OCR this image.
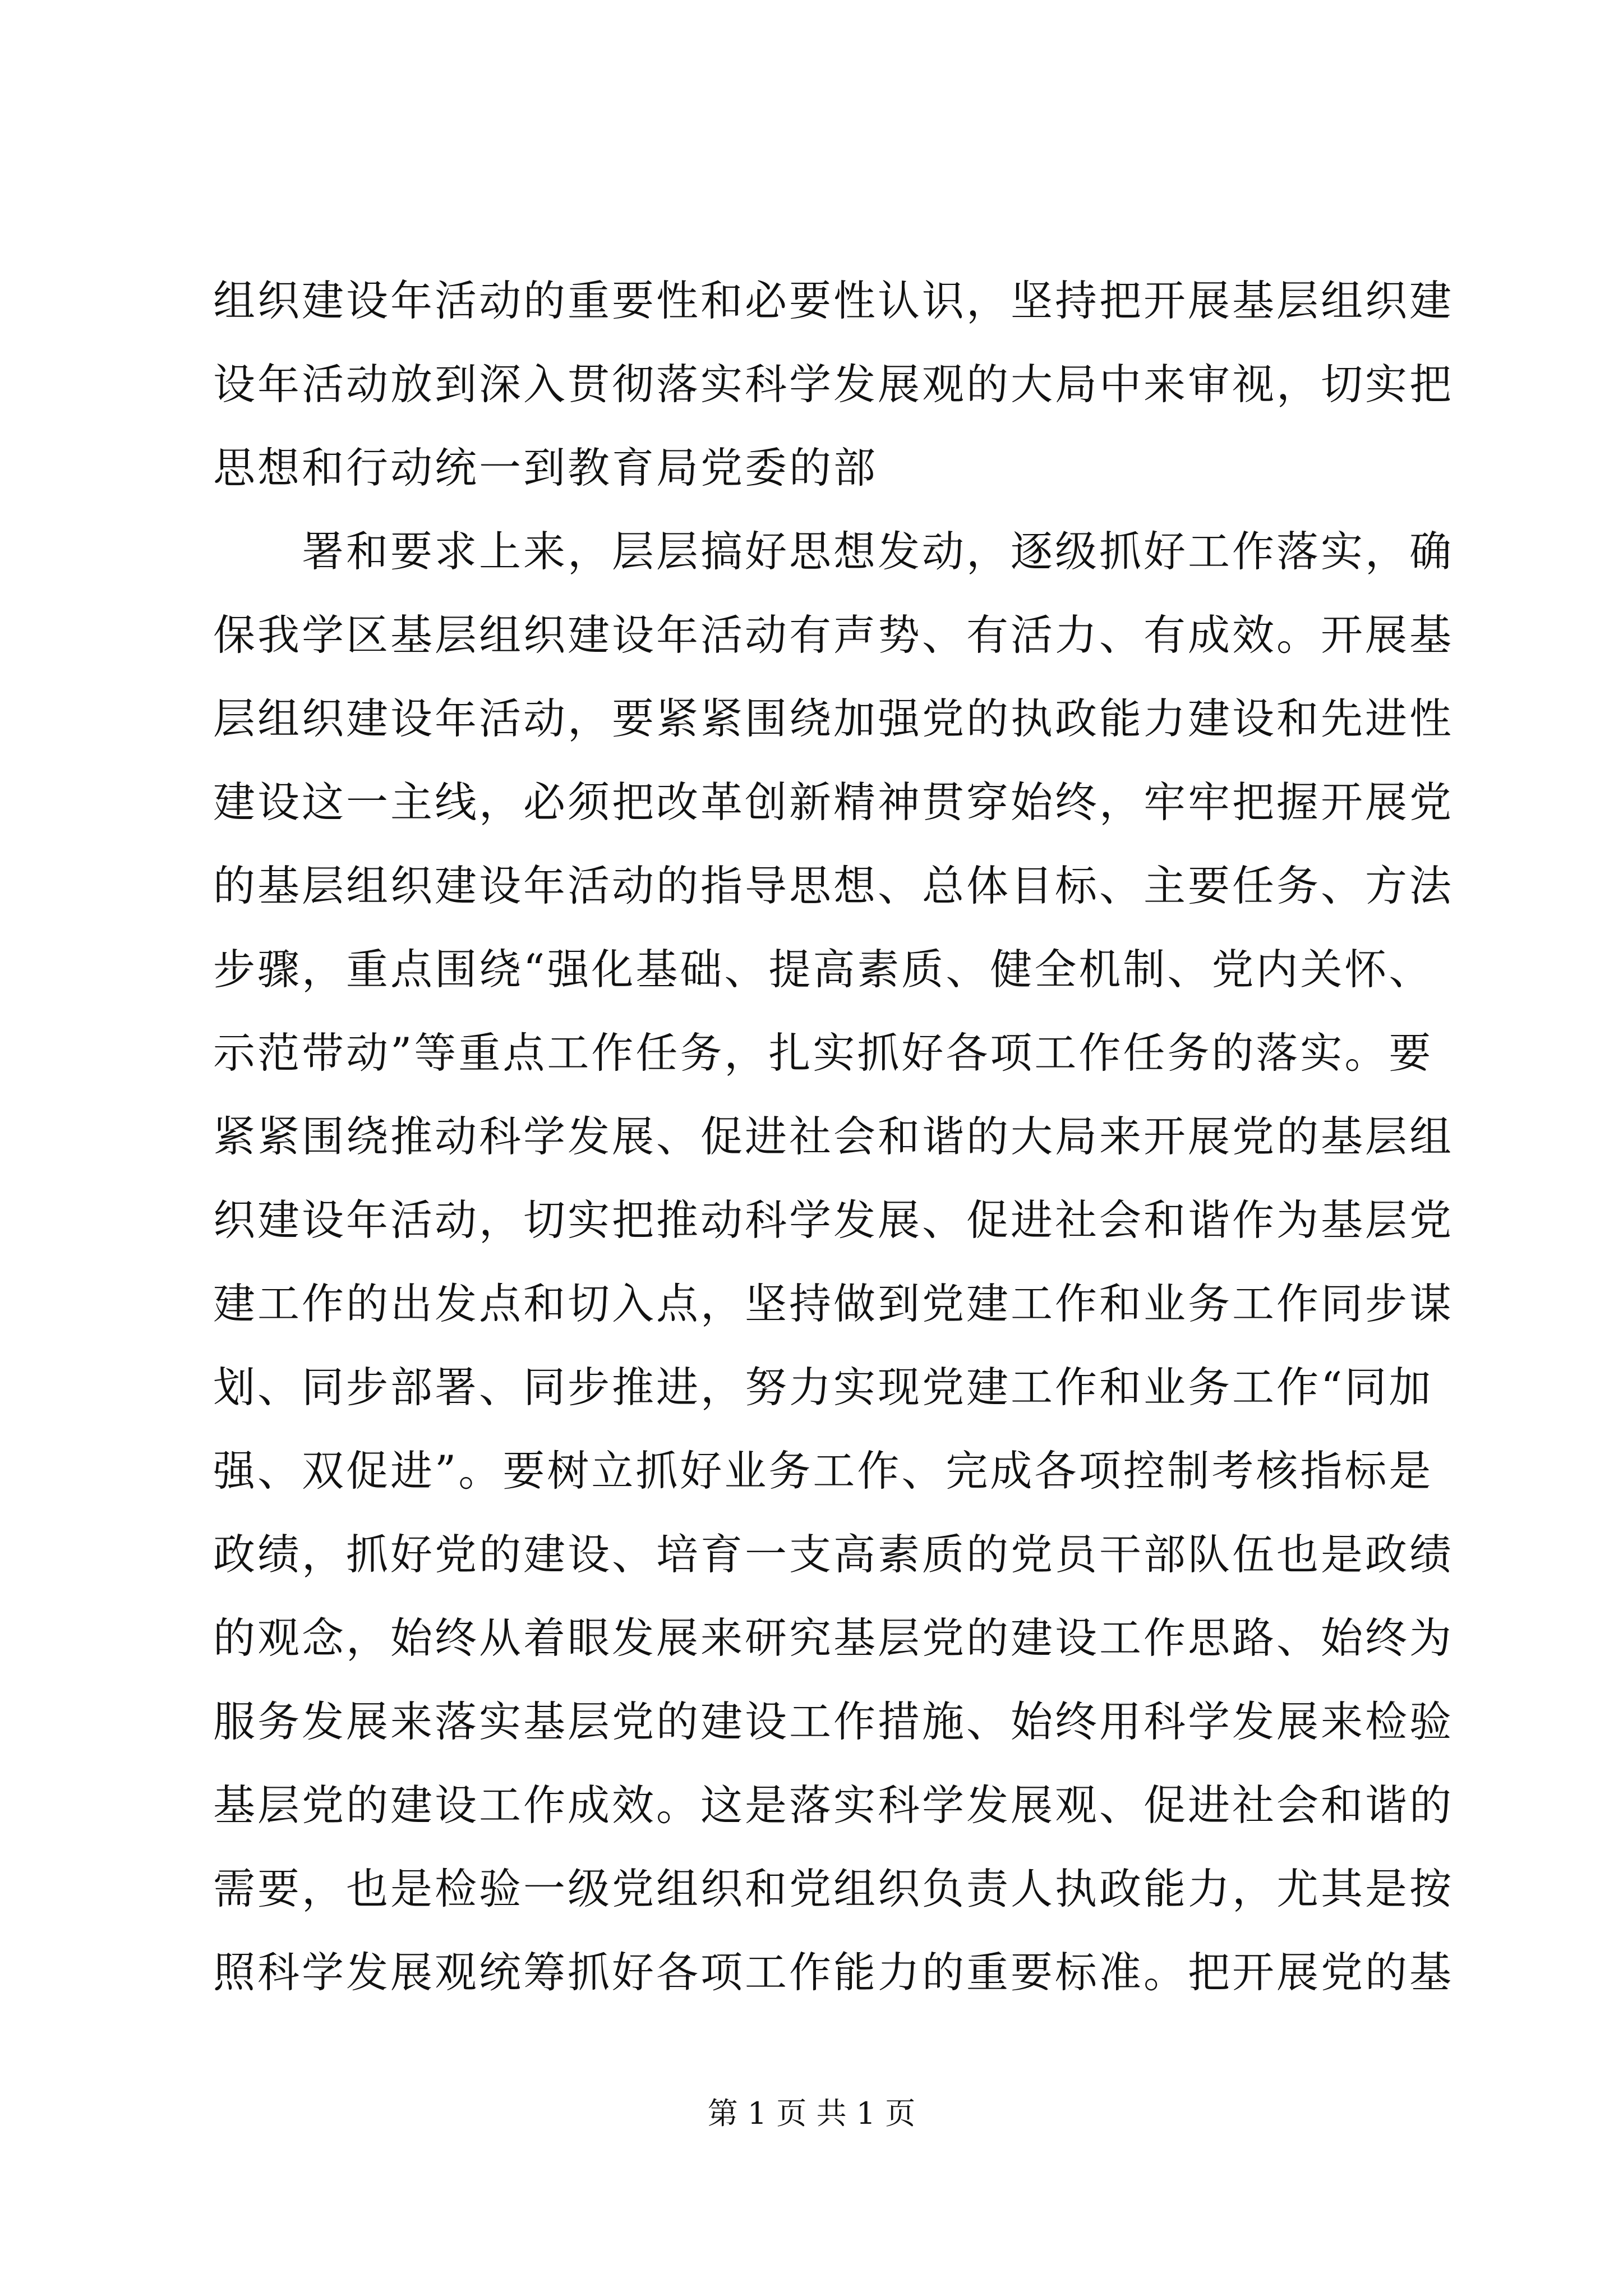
组织建设年活动的重要性和必要性认识，坚持把开展基层组织建
设年活动放到深入贯彻落实科学发展观的大局中来审视，切实把
思想和行动统一到教育局党委的部
　　署和要求上来，层层搞好思想发动，逐级抓好工作落实，确
保我学区基层组织建设年活动有声势、有活力、有成效。开展基
层组织建设年活动，要紧紧围绕加强党的执政能力建设和先进性
建设这一主线，必须把改革创新精神贯穿始终，牢牢把握开展党
的基层组织建设年活动的指导思想、总体目标、主要任务、方法
步骤，重点围绕“强化基础、提高素质、健全机制、党内关怀、
示范带动”等重点工作任务，扎实抓好各项工作任务的落实。要
紧紧围绕推动科学发展、促进社会和谐的大局来开展党的基层组
织建设年活动，切实把推动科学发展、促进社会和谐作为基层党
建工作的出发点和切入点，坚持做到党建工作和业务工作同步谋
划、同步部署、同步推进，努力实现党建工作和业务工作“同加
强、双促进”。要树立抓好业务工作、完成各项控制考核指标是
政绩，抓好党的建设、培育一支高素质的党员干部队伍也是政绩
的观念，始终从着眼发展来研究基层党的建设工作思路、始终为
服务发展来落实基层党的建设工作措施、始终用科学发展来检验
基层党的建设工作成效。这是落实科学发展观、促进社会和谐的
需要，也是检验一级党组织和党组织负责人执政能力，尤其是按
照科学发展观统筹抓好各项工作能力的重要标准。把开展党的基
第 1 页 共 1 页
